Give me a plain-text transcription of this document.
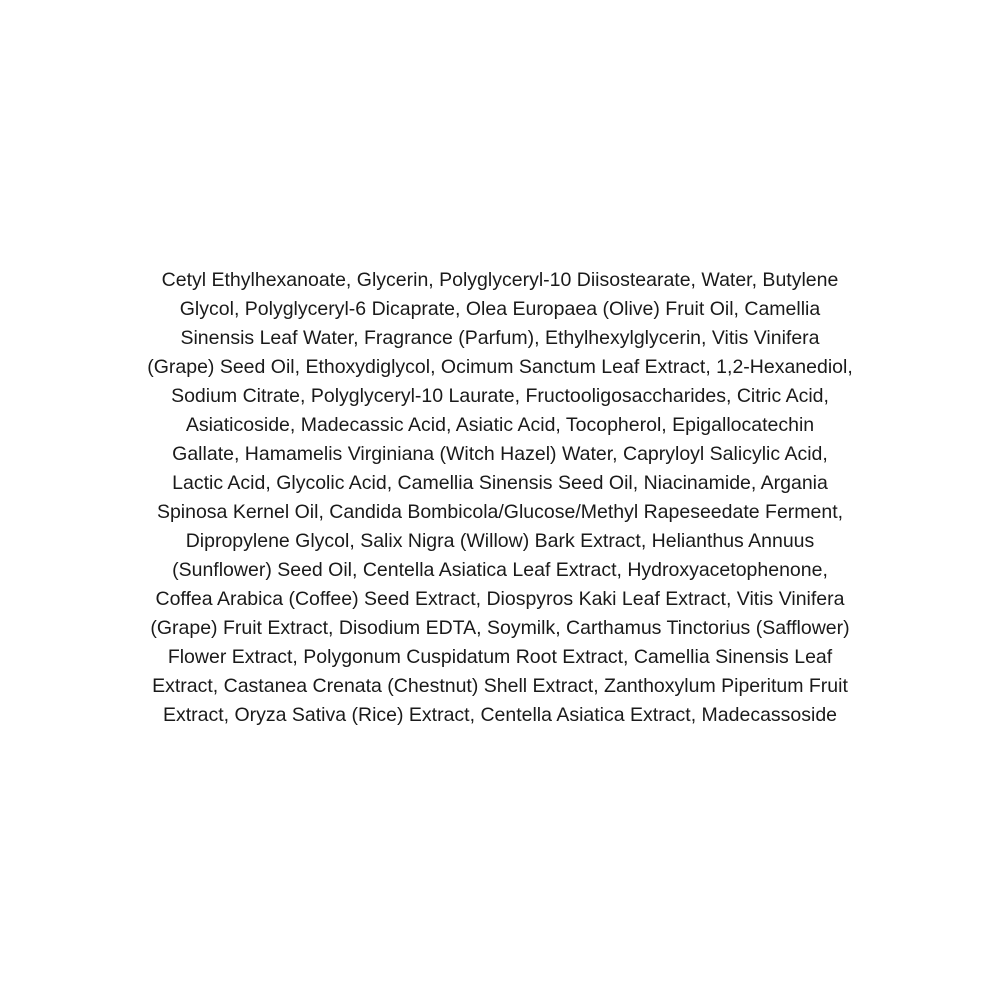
Cetyl Ethylhexanoate, Glycerin, Polyglyceryl-10 Diisostearate, Water, Butylene
Glycol, Polyglyceryl-6 Dicaprate, Olea Europaea (Olive) Fruit Oil, Camellia
Sinensis Leaf Water, Fragrance (Parfum), Ethylhexylglycerin, Vitis Vinifera
(Grape) Seed Oil, Ethoxydiglycol, Ocimum Sanctum Leaf Extract, 1,2-Hexanediol,
Sodium Citrate, Polyglyceryl-10 Laurate, Fructooligosaccharides, Citric Acid,
Asiaticoside, Madecassic Acid, Asiatic Acid, Tocopherol, Epigallocatechin
Gallate, Hamamelis Virginiana (Witch Hazel) Water, Capryloyl Salicylic Acid,
Lactic Acid, Glycolic Acid, Camellia Sinensis Seed Oil, Niacinamide, Argania
Spinosa Kernel Oil, Candida Bombicola/Glucose/Methyl Rapeseedate Ferment,
Dipropylene Glycol, Salix Nigra (Willow) Bark Extract, Helianthus Annuus
(Sunflower) Seed Oil, Centella Asiatica Leaf Extract, Hydroxyacetophenone,
Coffea Arabica (Coffee) Seed Extract, Diospyros Kaki Leaf Extract, Vitis Vinifera
(Grape) Fruit Extract, Disodium EDTA, Soymilk, Carthamus Tinctorius (Safflower)
Flower Extract, Polygonum Cuspidatum Root Extract, Camellia Sinensis Leaf
Extract, Castanea Crenata (Chestnut) Shell Extract, Zanthoxylum Piperitum Fruit
Extract, Oryza Sativa (Rice) Extract, Centella Asiatica Extract, Madecassoside
